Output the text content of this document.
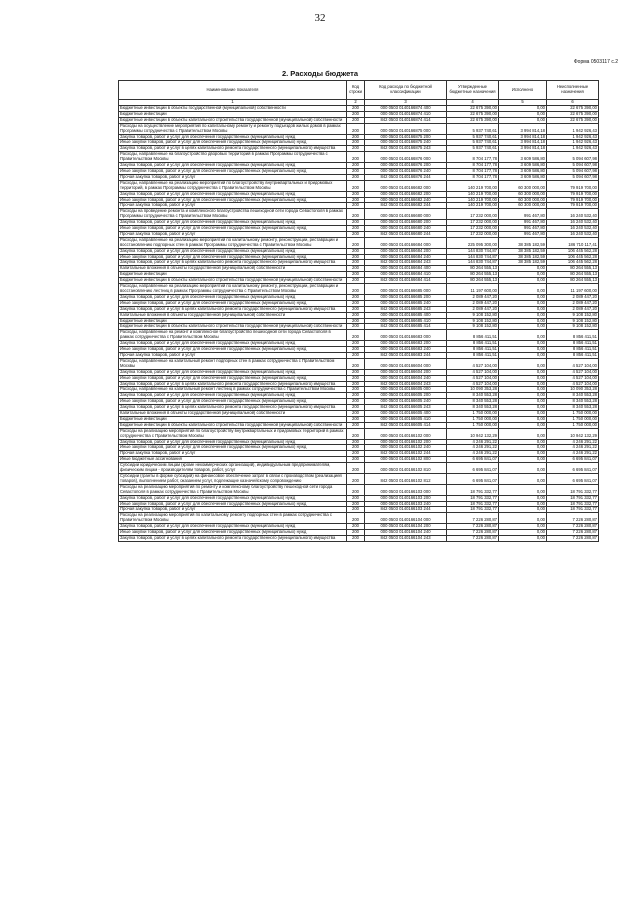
32
Форма 0503117 с.2
2. Расходы бюджета
Наименование показателя	Код строки	Код расхода по бюджетной классификации	Утвержденные бюджетные назначения	Исполнено	Неисполненные назначения
1	2	3	4	5	6
Бюджетные инвестиции в объекты государственной (муниципальной) собственности	200	000 0503 0140166874 400	22 675 390,00	0,00	22 675 390,00
Бюджетные инвестиции	200	000 0503 0140166874 410	22 675 390,00	0,00	22 675 390,00
Бюджетные инвестиции в объекты капитального строительства государственной (муниципальной) собственности	200	842 0503 0140166874 414	22 675 390,00	0,00	22 675 390,00
Расходы на осуществление мероприятий по капитальному ремонту и ремонту подъездов жилых домов в рамках Программы сотрудничества с Правительством Москвы	200	000 0503 0140166875 000	5 937 740,61	3 994 814,18	1 942 926,43
Закупка товаров, работ и услуг для обеспечения государственных (муниципальных) нужд	200	000 0503 0140166875 200	5 937 740,61	3 994 814,18	1 942 926,43
Иные закупки товаров, работ и услуг для обеспечения государственных (муниципальных) нужд	200	000 0503 0140166875 240	5 937 740,61	3 994 814,18	1 942 926,43
Закупка товаров, работ и услуг в целях капитального ремонта государственного (муниципального) имущества	200	842 0503 0140166875 243	5 937 740,61	3 994 814,18	1 942 926,43
Расходы, направленные на благоустройство дворовых территорий в рамках Программы сотрудничества с Правительством Москвы	200	000 0503 0140166876 000	8 704 177,78	3 609 586,80	5 094 607,98
Закупка товаров, работ и услуг для обеспечения государственных (муниципальных) нужд	200	000 0503 0140166876 200	8 704 177,78	3 609 586,80	5 094 607,98
Иные закупки товаров, работ и услуг для обеспечения государственных (муниципальных) нужд	200	000 0503 0140166876 240	8 704 177,78	3 609 586,80	5 094 607,98
Прочая закупка товаров, работ и услуг	200	842 0503 0140166876 244	8 704 177,78	3 609 586,80	5 094 607,98
Расходы, направленные на реализацию мероприятий по благоустройству внутриквартальных и придомовых территорий, в рамках Программы сотрудничества с Правительством Москвы	200	000 0503 0140166682 000	140 219 700,00	60 300 000,00	79 919 700,00
Закупка товаров, работ и услуг для обеспечения государственных (муниципальных) нужд	200	000 0503 0140166682 200	140 219 700,00	60 300 000,00	79 919 700,00
Иные закупки товаров, работ и услуг для обеспечения государственных (муниципальных) нужд	200	000 0503 0140166682 240	140 219 700,00	60 300 000,00	79 919 700,00
Прочая закупка товаров, работ и услуг	200	842 0503 0140166682 244	140 219 700,00	60 300 000,00	79 919 700,00
Расходы на проведение ремонта и комплексного благоустройства пешеходной сети города Севастополя в рамках Программы сотрудничества с Правительством Москвы	200	000 0503 0140166680 000	17 232 000,00	991 467,80	16 240 532,40
Закупка товаров, работ и услуг для обеспечения государственных (муниципальных) нужд	200	000 0503 0140166680 200	17 232 000,00	991 467,80	16 240 532,40
Иные закупки товаров, работ и услуг для обеспечения государственных (муниципальных) нужд	200	000 0503 0140166680 240	17 232 000,00	991 467,80	16 240 532,40
Прочая закупка товаров, работ и услуг	200	842 0503 0140166680 244	17 232 000,00	991 467,80	16 240 532,40
Расходы, направленные на реализацию мероприятий по капитальному ремонту, реконструкции, реставрации и восстановлению подпорных стен в рамках Программы сотрудничества с Правительством Москвы	200	000 0503 0140166684 000	225 095 300,00	38 385 182,59	186 710 117,41
Закупка товаров, работ и услуг для обеспечения государственных (муниципальных) нужд	200	000 0503 0140166684 200	144 830 744,87	38 385 182,59	106 445 562,28
Иные закупки товаров, работ и услуг для обеспечения государственных (муниципальных) нужд	200	000 0503 0140166684 240	144 830 744,87	38 385 182,59	106 445 562,28
Закупка товаров, работ и услуг в целях капитального ремонта государственного (муниципального) имущества	200	842 0503 0140166684 243	144 830 744,87	38 385 182,59	106 445 562,28
Капитальные вложения в объекты государственной (муниципальной) собственности	200	000 0503 0140166684 400	80 264 555,13	0,00	80 264 555,13
Бюджетные инвестиции	200	000 0503 0140166684 410	80 264 555,13	0,00	80 264 555,13
Бюджетные инвестиции в объекты капитального строительства государственной (муниципальной) собственности	200	842 0503 0140166684 414	80 264 555,13	0,00	80 264 555,13
Расходы, направленные на реализацию мероприятий по капитальному ремонту, реконструкции, реставрации и восстановлению лестниц в рамках Программы сотрудничества с Правительством Москвы	200	000 0503 0140166685 000	11 197 600,00	0,00	11 197 600,00
Закупка товаров, работ и услуг для обеспечения государственных (муниципальных) нужд	200	000 0503 0140166685 200	2 089 447,20	0,00	2 089 447,20
Иные закупки товаров, работ и услуг для обеспечения государственных (муниципальных) нужд	200	000 0503 0140166685 240	2 089 447,20	0,00	2 089 447,20
Закупка товаров, работ и услуг в целях капитального ремонта государственного (муниципального) имущества	200	842 0503 0140166685 243	2 089 447,20	0,00	2 089 447,20
Капитальные вложения в объекты государственной (муниципальной) собственности	200	000 0503 0140166685 400	9 108 152,80	0,00	9 108 152,80
Бюджетные инвестиции	200	000 0503 0140166685 410	9 108 152,80	0,00	9 108 152,80
Бюджетные инвестиции в объекты капитального строительства государственной (муниципальной) собственности	200	842 0503 0140166685 414	9 108 152,80	0,00	9 108 152,80
Расходы, направленные на ремонт и комплексное благоустройство пешеходной сети города Севастополя в рамках сотрудничества с Правительством Москвы	200	000 0503 0140166683 000	8 856 411,51	0,00	8 856 411,51
Закупка товаров, работ и услуг для обеспечения государственных (муниципальных) нужд	200	000 0503 0140166683 200	8 856 411,51	0,00	8 856 411,51
Иные закупки товаров, работ и услуг для обеспечения государственных (муниципальных) нужд	200	000 0503 0140166683 240	8 856 411,51	0,00	8 856 411,51
Прочая закупка товаров, работ и услуг	200	842 0503 0140166683 244	8 856 411,51	0,00	8 856 411,51
Расходы, направленные на капитальный ремонт подпорных стен в рамках сотрудничества с Правительством Москвы	200	000 0503 0140166604 000	4 527 104,00	0,00	4 527 104,00
Закупка товаров, работ и услуг для обеспечения государственных (муниципальных) нужд	200	000 0503 0140166604 200	4 527 104,00	0,00	4 527 104,00
Иные закупки товаров, работ и услуг для обеспечения государственных (муниципальных) нужд	200	000 0503 0140166604 240	4 527 104,00	0,00	4 527 104,00
Закупка товаров, работ и услуг в целях капитального ремонта государственного (муниципального) имущества	200	842 0503 0140166604 243	4 527 104,00	0,00	4 527 104,00
Расходы, направленные на капитальный ремонт лестниц в рамках сотрудничества с Правительством Москвы	200	000 0503 0140166605 000	10 090 353,28	0,00	10 090 353,28
Закупка товаров, работ и услуг для обеспечения государственных (муниципальных) нужд	200	000 0503 0140166605 200	8 340 553,28	0,00	8 340 553,28
Иные закупки товаров, работ и услуг для обеспечения государственных (муниципальных) нужд	200	000 0503 0140166605 240	8 340 553,28	0,00	8 340 553,28
Закупка товаров, работ и услуг в целях капитального ремонта государственного (муниципального) имущества	200	842 0503 0140166605 243	8 340 553,28	0,00	8 340 553,28
Капитальные вложения в объекты государственной (муниципальной) собственности	200	000 0503 0140166605 400	1 750 000,00	0,00	1 750 000,00
Бюджетные инвестиции	200	000 0503 0140166605 410	1 750 000,00	0,00	1 750 000,00
Бюджетные инвестиции в объекты капитального строительства государственной (муниципальной) собственности	200	842 0503 0140166605 414	1 750 000,00	0,00	1 750 000,00
Расходы на реализацию мероприятий по благоустройству внутриквартальных и придомовых территорий в рамках сотрудничества с Правительством Москвы	200	000 0503 0140166102 000	10 942 132,29	0,00	10 942 132,29
Закупка товаров, работ и услуг для обеспечения государственных (муниципальных) нужд	200	000 0503 0140166102 200	4 246 291,22	0,00	4 246 291,22
Иные закупки товаров, работ и услуг для обеспечения государственных (муниципальных) нужд	200	000 0503 0140166102 240	4 246 291,22	0,00	4 246 291,22
Прочая закупка товаров, работ и услуг	200	842 0503 0140166102 244	4 246 291,22	0,00	4 246 291,22
Иные бюджетные ассигнования	200	000 0503 0140166102 800	6 695 841,07	0,00	6 695 841,07
Субсидии юридическим лицам (кроме некоммерческих организаций), индивидуальным предпринимателям, физическим лицам - производителям товаров, работ, услуг	200	000 0503 0140166102 810	6 695 841,07	0,00	6 695 841,07
Субсидии (гранты в форме субсидий) на финансовое обеспечение затрат в связи с производством (реализацией товаров), выполнением работ, оказанием услуг, подлежащие казначейскому сопровождению	200	842 0503 0140166102 812	6 695 841,07	0,00	6 695 841,07
Расходы на реализацию мероприятий по ремонту и комплексному благоустройству пешеходной сети города Севастополя в рамках сотрудничества с Правительством Москвы	200	000 0503 0140166103 000	18 791 332,77	0,00	18 791 332,77
Закупка товаров, работ и услуг для обеспечения государственных (муниципальных) нужд	200	000 0503 0140166103 200	18 791 332,77	0,00	18 791 332,77
Иные закупки товаров, работ и услуг для обеспечения государственных (муниципальных) нужд	200	000 0503 0140166103 240	18 791 332,77	0,00	18 791 332,77
Прочая закупка товаров, работ и услуг	200	842 0503 0140166103 244	18 791 332,77	0,00	18 791 332,77
Расходы на реализацию мероприятий по капитальному ремонту подпорных стен в рамках сотрудничества с Правительством Москвы	200	000 0503 0140166104 000	7 226 280,87	0,00	7 226 280,87
Закупка товаров, работ и услуг для обеспечения государственных (муниципальных) нужд	200	000 0503 0140166104 200	7 226 280,87	0,00	7 226 280,87
Иные закупки товаров, работ и услуг для обеспечения государственных (муниципальных) нужд	200	000 0503 0140166104 240	7 226 280,87	0,00	7 226 280,87
Закупка товаров, работ и услуг в целях капитального ремонта государственного (муниципального) имущества	200	842 0503 0140166104 243	7 226 280,87	0,00	7 226 280,87
